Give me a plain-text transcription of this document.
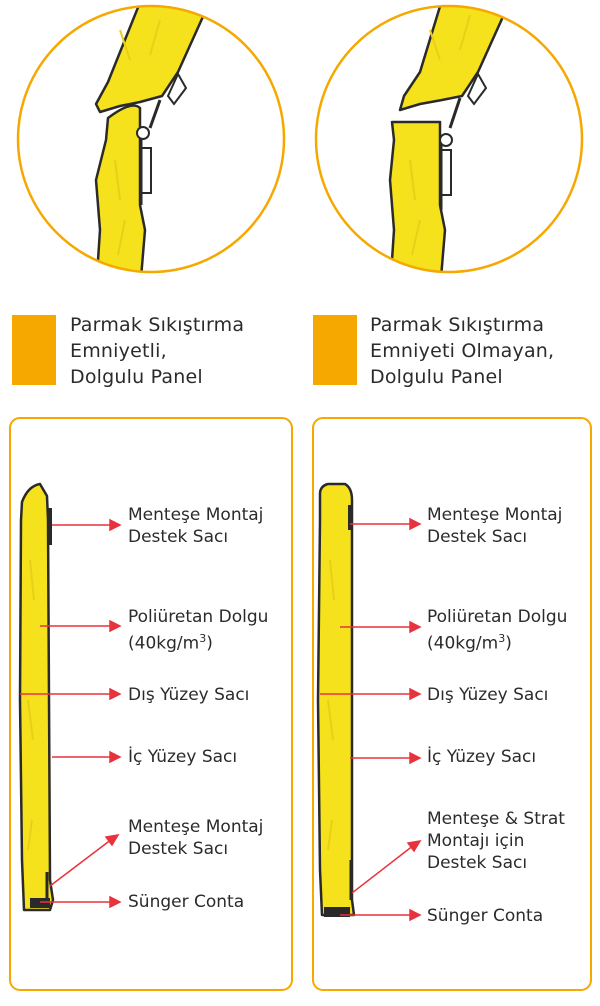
Parmak Sıkıştırma
Emniyetli,
Dolgulu Panel
Parmak Sıkıştırma
Emniyeti Olmayan,
Dolgulu Panel
Menteşe Montaj
Destek Sacı
Poliüretan Dolgu
$(40kg/m^3)$
Dış Yüzey Sacı
İç Yüzey Sacı
Menteşe Montaj
Destek Sacı
Sünger Conta
Menteşe Montaj
Destek Sacı
Poliüretan Dolgu
$(40kg/m^3)$
Dış Yüzey Sacı
İç Yüzey Sacı
Menteşe & Strat
Montajı için
Destek Sacı
Sünger Conta
